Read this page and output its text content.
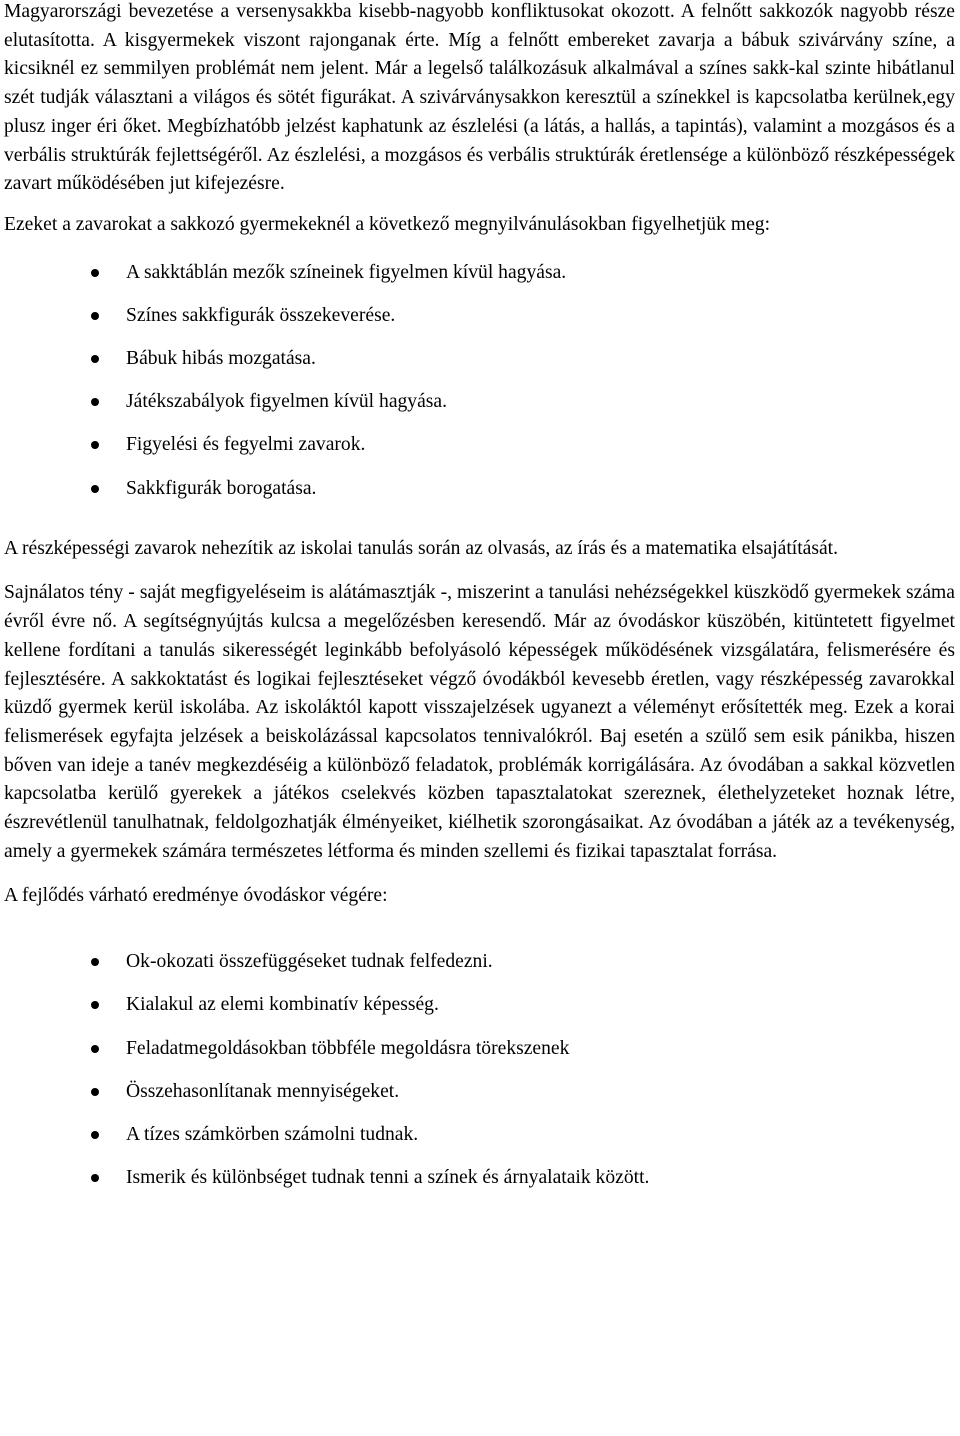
Magyarországi bevezetése a versenysakkba kisebb-nagyobb konfliktusokat okozott. A felnőtt sakkozók nagyobb része elutasította. A kisgyermekek viszont rajonganak érte. Míg a felnőtt embereket zavarja a bábuk szivárvány színe, a kicsiknél ez semmilyen problémát nem jelent. Már a legelső találkozásuk alkalmával a színes sakk-kal szinte hibátlanul szét tudják választani a világos és sötét figurákat. A szivárványsakkon keresztül a színekkel is kapcsolatba kerülnek,egy plusz inger éri őket. Megbízhatóbb jelzést kaphatunk az észlelési (a látás, a hallás, a tapintás), valamint a mozgásos és a verbális struktúrák fejlettségéről. Az észlelési, a mozgásos és verbális struktúrák éretlensége a különböző részképességek zavart működésében jut kifejezésre.

Ezeket a zavarokat a sakkozó gyermekeknél a következő megnyilvánulásokban figyelhetjük meg:

A sakktáblán mezők színeinek figyelmen kívül hagyása.
Színes sakkfigurák összekeverése.
Bábuk hibás mozgatása.
Játékszabályok figyelmen kívül hagyása.
Figyelési és fegyelmi zavarok.
Sakkfigurák borogatása.

A részképességi zavarok nehezítik az iskolai tanulás során az olvasás, az írás és a matematika elsajátítását.

Sajnálatos tény - saját megfigyeléseim is alátámasztják -, miszerint a tanulási nehézségekkel küszködő gyermekek száma évről évre nő. A segítségnyújtás kulcsa a megelőzésben keresendő. Már az óvodáskor küszöbén, kitüntetett figyelmet kellene fordítani a tanulás sikerességét leginkább befolyásoló képességek működésének vizsgálatára, felismerésére és fejlesztésére. A sakkoktatást és logikai fejlesztéseket végző óvodákból kevesebb éretlen, vagy részképesség zavarokkal küzdő gyermek kerül iskolába. Az iskoláktól kapott visszajelzések ugyanezt a véleményt erősítették meg. Ezek a korai felismerések egyfajta jelzések a beiskolázással kapcsolatos tennivalókról. Baj esetén a szülő sem esik pánikba, hiszen bőven van ideje a tanév megkezdéséig a különböző feladatok, problémák korrigálására. Az óvodában a sakkal közvetlen kapcsolatba kerülő gyerekek a játékos cselekvés közben tapasztalatokat szereznek, élethelyzeteket hoznak létre, észrevétlenül tanulhatnak, feldolgozhatják élményeiket, kiélhetik szorongásaikat. Az óvodában a játék az a tevékenység, amely a gyermekek számára természetes létforma és minden szellemi és fizikai tapasztalat forrása.

A fejlődés várható eredménye óvodáskor végére:

Ok-okozati összefüggéseket tudnak felfedezni.
Kialakul az elemi kombinatív képesség.
Feladatmegoldásokban többféle megoldásra törekszenek
Összehasonlítanak mennyiségeket.
A tízes számkörben számolni tudnak.
Ismerik és különbséget tudnak tenni a színek és árnyalataik között.
